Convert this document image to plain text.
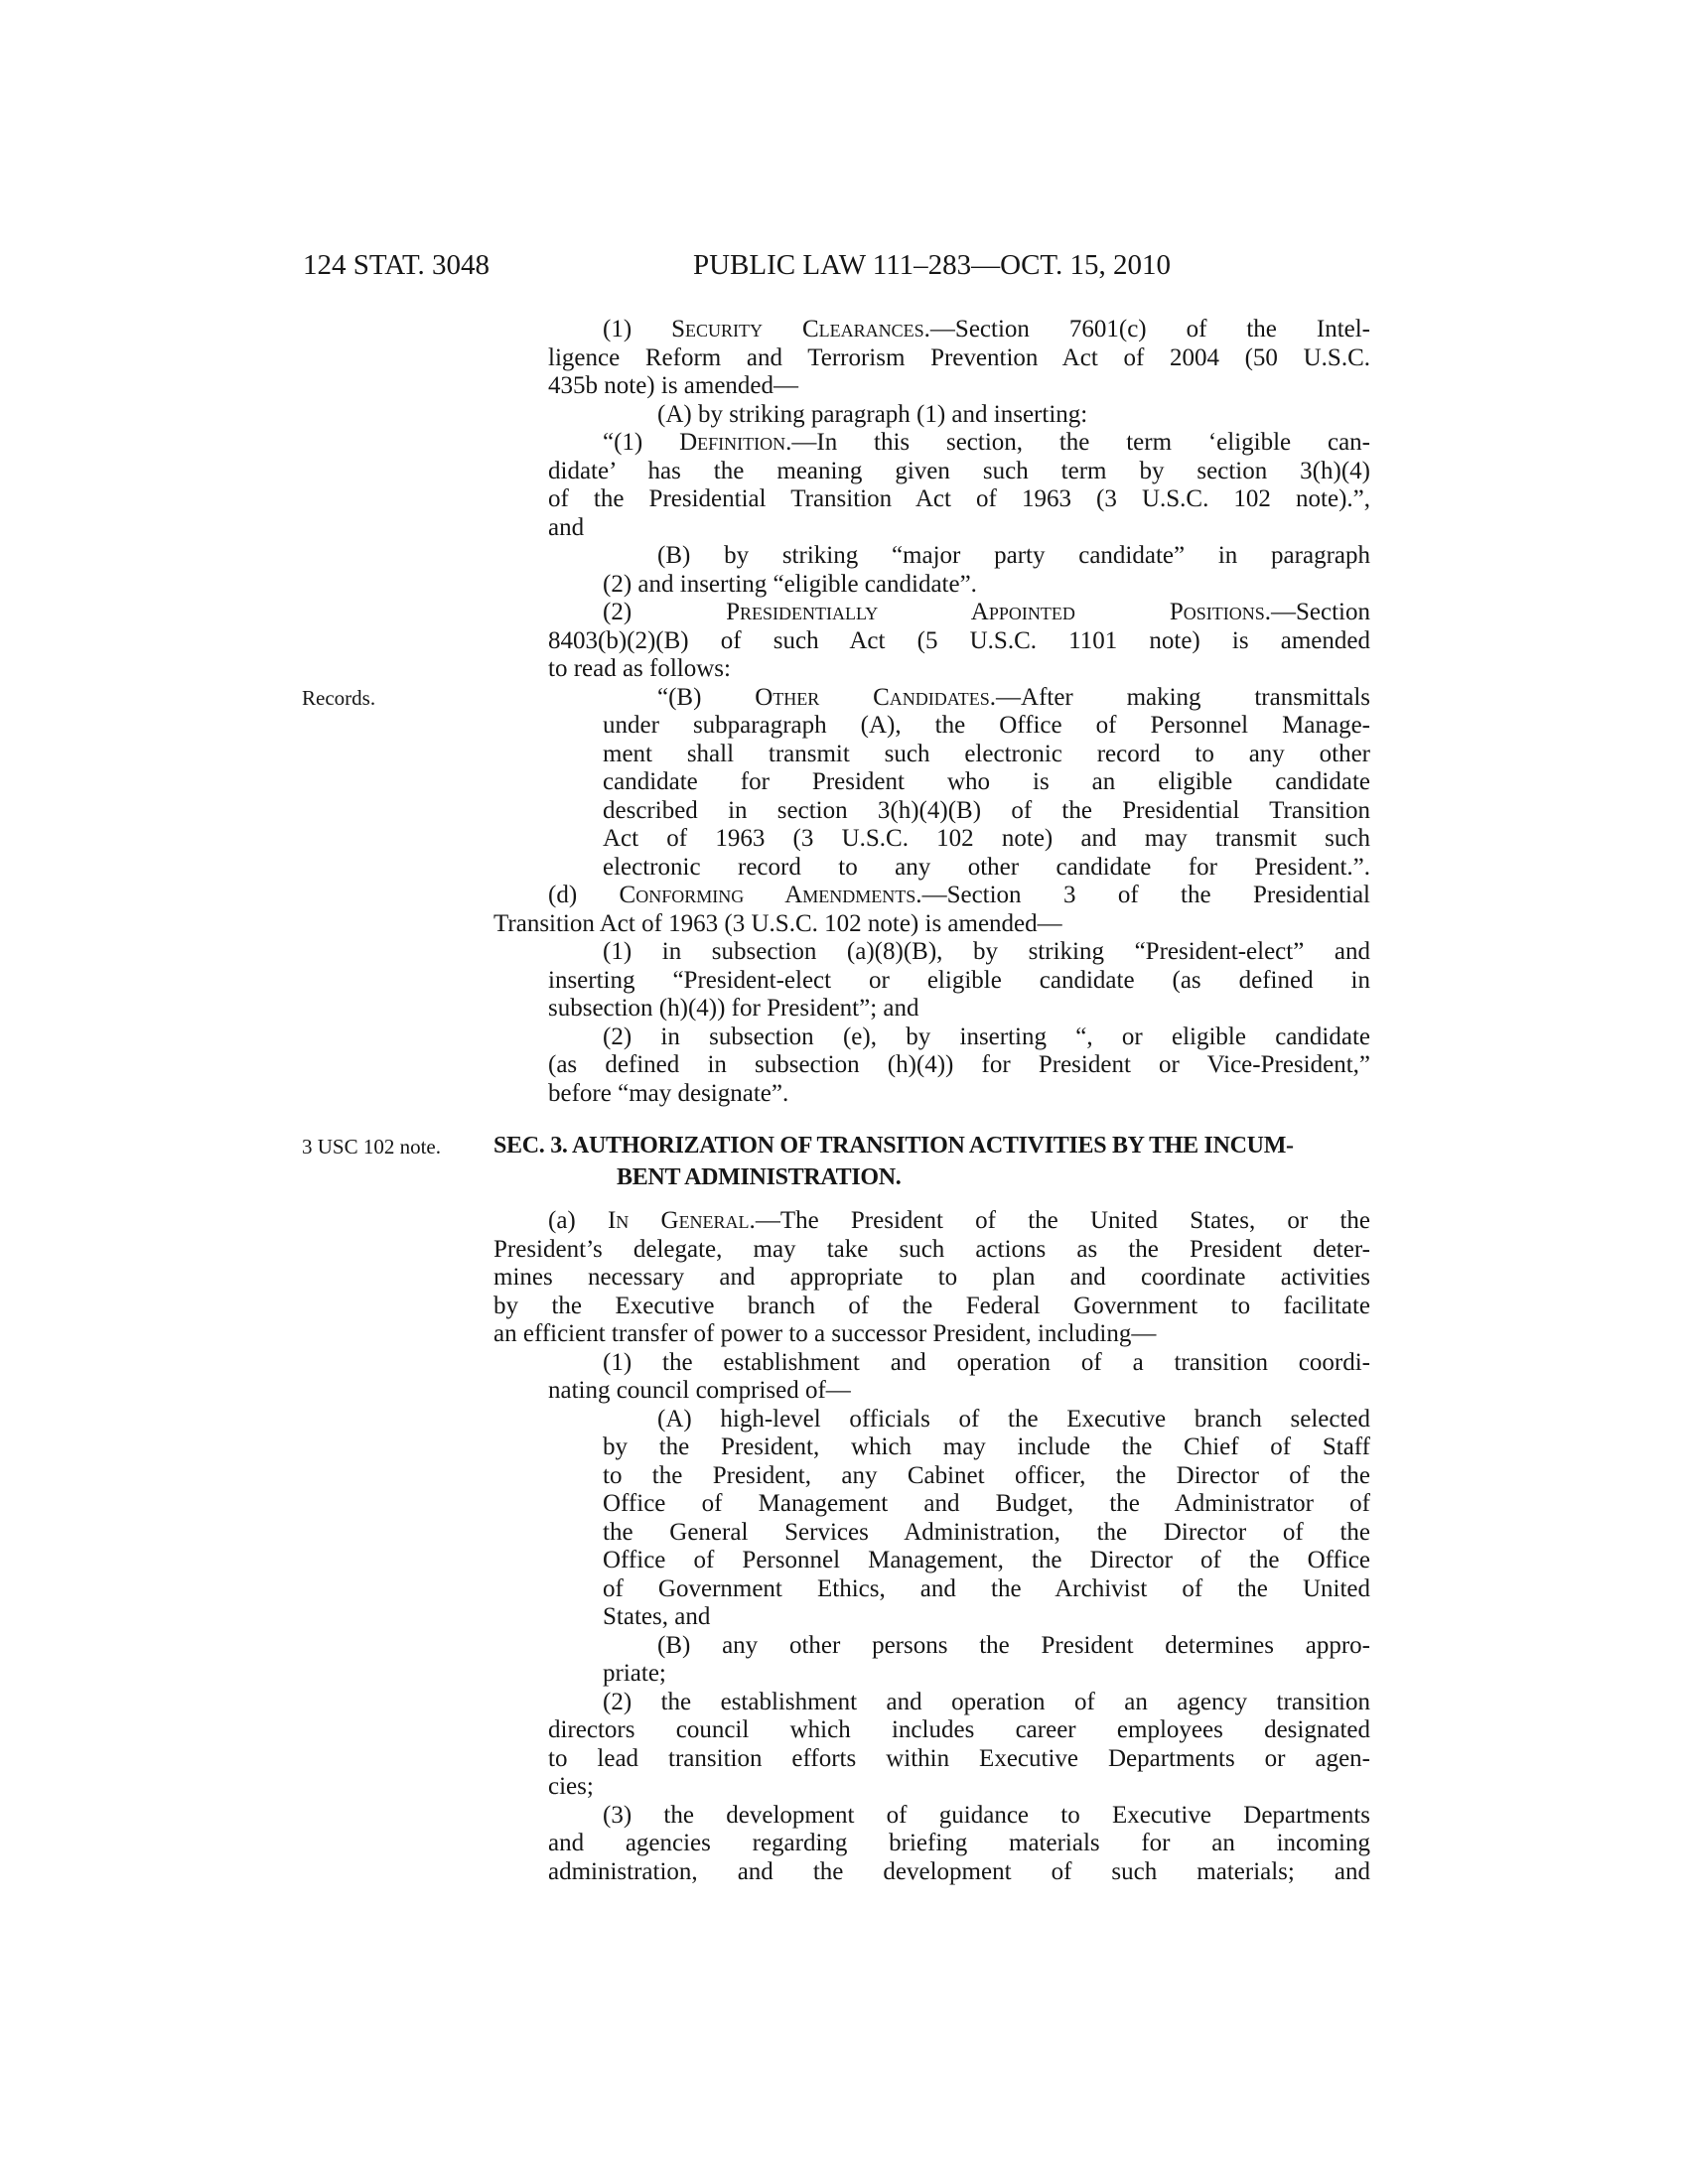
124 STAT. 3048	PUBLIC LAW 111–283—OCT. 15, 2010
Records.
3 USC 102 note.
(1) Security Clearances.—Section 7601(c) of the Intel-
ligence Reform and Terrorism Prevention Act of 2004 (50 U.S.C.
435b note) is amended—
(A) by striking paragraph (1) and inserting:
“(1) Definition.—In this section, the term ‘eligible can-
didate’ has the meaning given such term by section 3(h)(4)
of the Presidential Transition Act of 1963 (3 U.S.C. 102 note).”,
and
(B) by striking “major party candidate” in paragraph
(2) and inserting “eligible candidate”.
(2) Presidentially Appointed Positions.—Section
8403(b)(2)(B) of such Act (5 U.S.C. 1101 note) is amended
to read as follows:
“(B) Other Candidates.—After making transmittals
under subparagraph (A), the Office of Personnel Manage-
ment shall transmit such electronic record to any other
candidate for President who is an eligible candidate
described in section 3(h)(4)(B) of the Presidential Transition
Act of 1963 (3 U.S.C. 102 note) and may transmit such
electronic record to any other candidate for President.”.
(d) Conforming Amendments.—Section 3 of the Presidential
Transition Act of 1963 (3 U.S.C. 102 note) is amended—
(1) in subsection (a)(8)(B), by striking “President-elect” and
inserting “President-elect or eligible candidate (as defined in
subsection (h)(4)) for President”; and
(2) in subsection (e), by inserting “, or eligible candidate
(as defined in subsection (h)(4)) for President or Vice-President,”
before “may designate”.
SEC. 3. AUTHORIZATION OF TRANSITION ACTIVITIES BY THE INCUM-
BENT ADMINISTRATION.
(a) In General.—The President of the United States, or the
President’s delegate, may take such actions as the President deter-
mines necessary and appropriate to plan and coordinate activities
by the Executive branch of the Federal Government to facilitate
an efficient transfer of power to a successor President, including—
(1) the establishment and operation of a transition coordi-
nating council comprised of—
(A) high-level officials of the Executive branch selected
by the President, which may include the Chief of Staff
to the President, any Cabinet officer, the Director of the
Office of Management and Budget, the Administrator of
the General Services Administration, the Director of the
Office of Personnel Management, the Director of the Office
of Government Ethics, and the Archivist of the United
States, and
(B) any other persons the President determines appro-
priate;
(2) the establishment and operation of an agency transition
directors council which includes career employees designated
to lead transition efforts within Executive Departments or agen-
cies;
(3) the development of guidance to Executive Departments
and agencies regarding briefing materials for an incoming
administration, and the development of such materials; and
